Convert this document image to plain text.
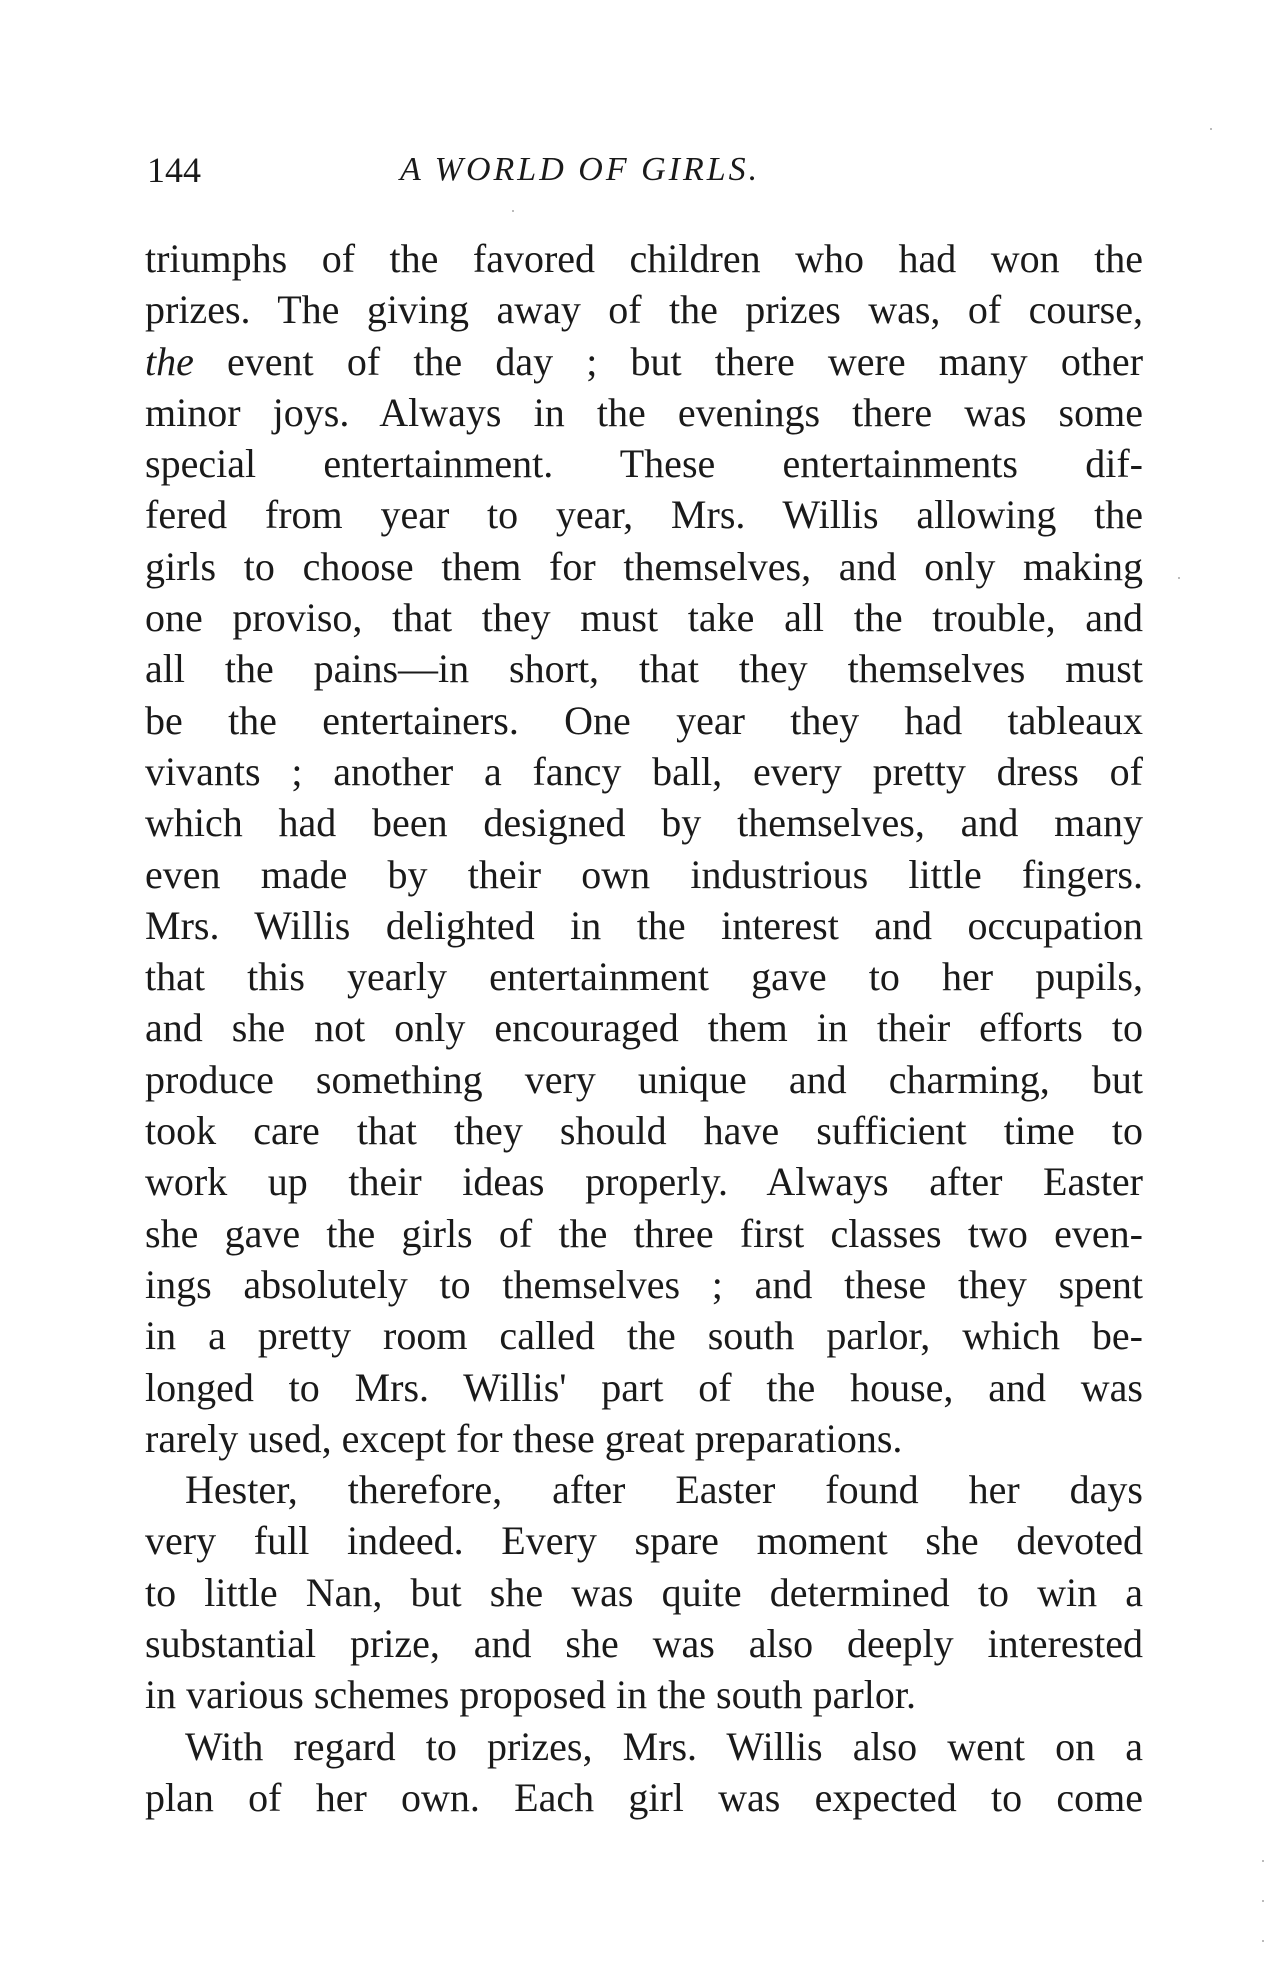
144	A WORLD OF GIRLS.
triumphs of the favored children who had won the
prizes. The giving away of the prizes was, of course,
the event of the day ; but there were many other
minor joys. Always in the evenings there was some
special entertainment. These entertainments dif-
fered from year to year, Mrs. Willis allowing the
girls to choose them for themselves, and only making
one proviso, that they must take all the trouble, and
all the pains—in short, that they themselves must
be the entertainers. One year they had tableaux
vivants ; another a fancy ball, every pretty dress of
which had been designed by themselves, and many
even made by their own industrious little fingers.
Mrs. Willis delighted in the interest and occupation
that this yearly entertainment gave to her pupils,
and she not only encouraged them in their efforts to
produce something very unique and charming, but
took care that they should have sufficient time to
work up their ideas properly. Always after Easter
she gave the girls of the three first classes two even-
ings absolutely to themselves ; and these they spent
in a pretty room called the south parlor, which be-
longed to Mrs. Willis' part of the house, and was
rarely used, except for these great preparations.
Hester, therefore, after Easter found her days
very full indeed. Every spare moment she devoted
to little Nan, but she was quite determined to win a
substantial prize, and she was also deeply interested
in various schemes proposed in the south parlor.
With regard to prizes, Mrs. Willis also went on a
plan of her own. Each girl was expected to come
